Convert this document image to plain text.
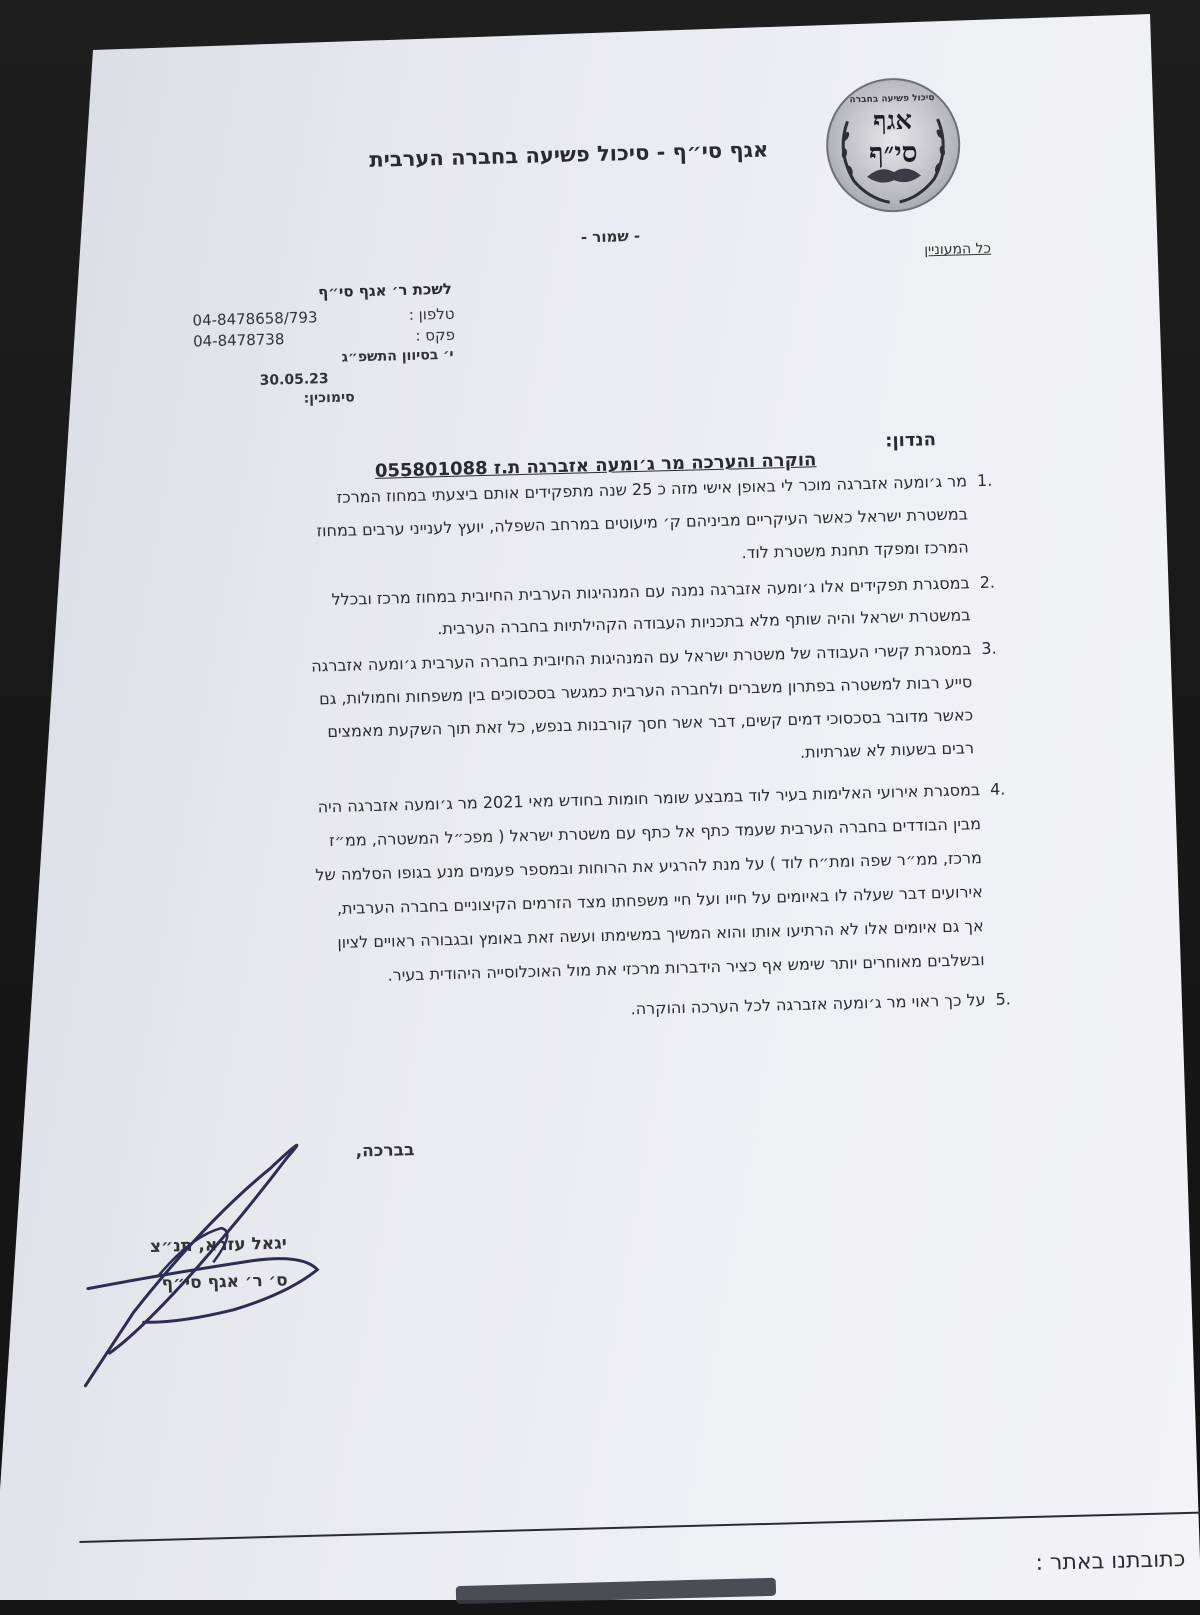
סיכול פשיעה בחברה
אגף
סי״ף
אגף סי״ף - סיכול פשיעה בחברה הערבית
- שמור -
כל המעוניין
לשכת ר׳ אגף סי״ף
טלפון :
04-8478658/793
פקס :
04-8478738
י׳ בסיוון התשפ״ג
30.05.23
סימוכין:
הנדון:
הוקרה והערכה מר ג׳ומעה אזברגה ת.ז 055801088
1.
מר ג׳ומעה אזברגה מוכר לי באופן אישי מזה כ 25 שנה מתפקידים אותם ביצעתי במחוז המרכז
במשטרת ישראל כאשר העיקריים מביניהם ק׳ מיעוטים במרחב השפלה, יועץ לענייני ערבים במחוז
המרכז ומפקד תחנת משטרת לוד.
2.
במסגרת תפקידים אלו ג׳ומעה אזברגה נמנה עם המנהיגות הערבית החיובית במחוז מרכז ובכלל
במשטרת ישראל והיה שותף מלא בתכניות העבודה הקהילתיות בחברה הערבית.
3.
במסגרת קשרי העבודה של משטרת ישראל עם המנהיגות החיובית בחברה הערבית ג׳ומעה אזברגה
סייע רבות למשטרה בפתרון משברים ולחברה הערבית כמגשר בסכסוכים בין משפחות וחמולות, גם
כאשר מדובר בסכסוכי דמים קשים, דבר אשר חסך קורבנות בנפש, כל זאת תוך השקעת מאמצים
רבים בשעות לא שגרתיות.
4.
במסגרת אירועי האלימות בעיר לוד במבצע שומר חומות בחודש מאי 2021 מר ג׳ומעה אזברגה היה
מבין הבודדים בחברה הערבית שעמד כתף אל כתף עם משטרת ישראל ( מפכ״ל המשטרה, ממ״ז
מרכז, ממ״ר שפה ומת״ח לוד ) על מנת להרגיע את הרוחות ובמספר פעמים מנע בגופו הסלמה של
אירועים דבר שעלה לו באיומים על חייו ועל חיי משפחתו מצד הזרמים הקיצוניים בחברה הערבית,
אך גם איומים אלו לא הרתיעו אותו והוא המשיך במשימתו ועשה זאת באומץ ובגבורה ראויים לציון
ובשלבים מאוחרים יותר שימש אף כציר הידברות מרכזי את מול האוכלוסייה היהודית בעיר.
5.
על כך ראוי מר ג׳ומעה אזברגה לכל הערכה והוקרה.
בברכה,
יגאל עזרא, תנ״צ
ס׳ ר׳ אגף סי״ף
כתובתנו באתר :
